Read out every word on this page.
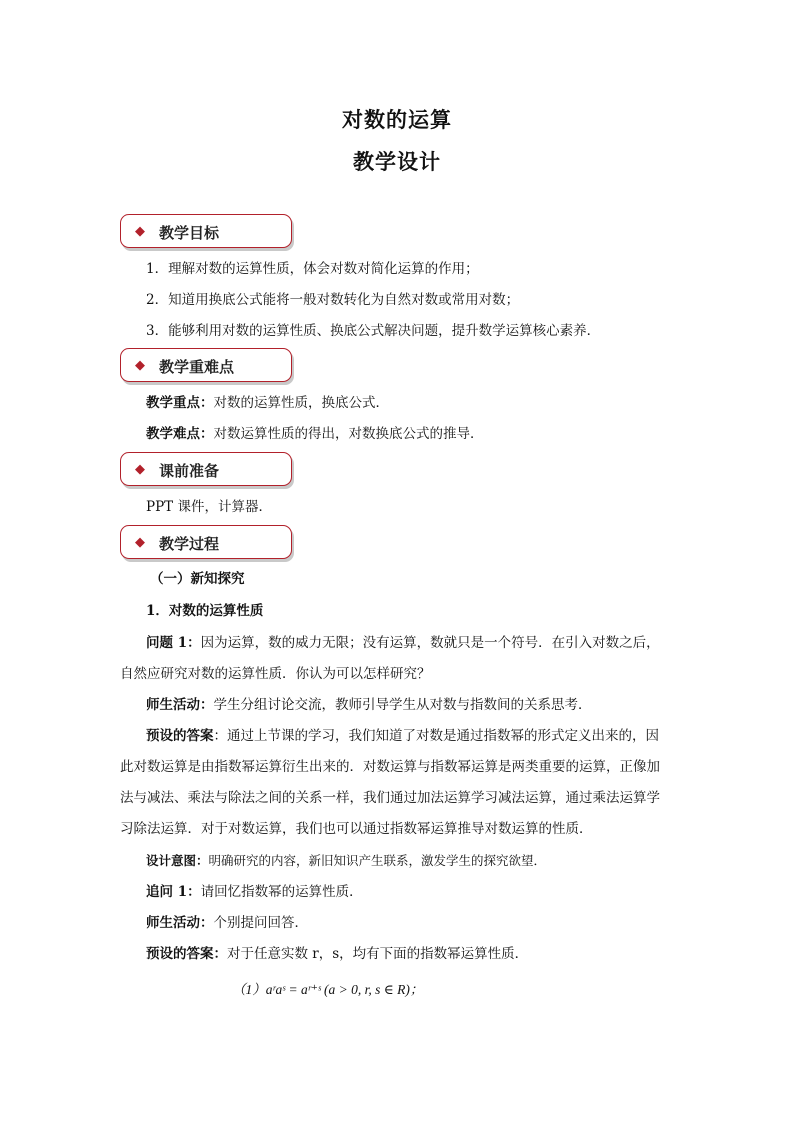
对数的运算
教学设计
◆ 教学目标
1．理解对数的运算性质，体会对数对简化运算的作用；
2．知道用换底公式能将一般对数转化为自然对数或常用对数；
3．能够利用对数的运算性质、换底公式解决问题，提升数学运算核心素养．
◆ 教学重难点
教学重点：对数的运算性质，换底公式．
教学难点：对数运算性质的得出，对数换底公式的推导．
◆ 课前准备
PPT 课件，计算器．
◆ 教学过程
（一）新知探究
1．对数的运算性质
问题 1：因为运算，数的威力无限；没有运算，数就只是一个符号．在引入对数之后，
自然应研究对数的运算性质．你认为可以怎样研究？
师生活动：学生分组讨论交流，教师引导学生从对数与指数间的关系思考．
预设的答案：通过上节课的学习，我们知道了对数是通过指数幂的形式定义出来的，因
此对数运算是由指数幂运算衍生出来的．对数运算与指数幂运算是两类重要的运算，正像加
法与减法、乘法与除法之间的关系一样，我们通过加法运算学习减法运算，通过乘法运算学
习除法运算．对于对数运算，我们也可以通过指数幂运算推导对数运算的性质．
设计意图：明确研究的内容，新旧知识产生联系，激发学生的探究欲望．
追问 1：请回忆指数幂的运算性质．
师生活动：个别提问回答．
预设的答案：对于任意实数 r，s，均有下面的指数幂运算性质．
（1）aʳaˢ = aʳ⁺ˢ (a > 0, r, s ∈ R)；
